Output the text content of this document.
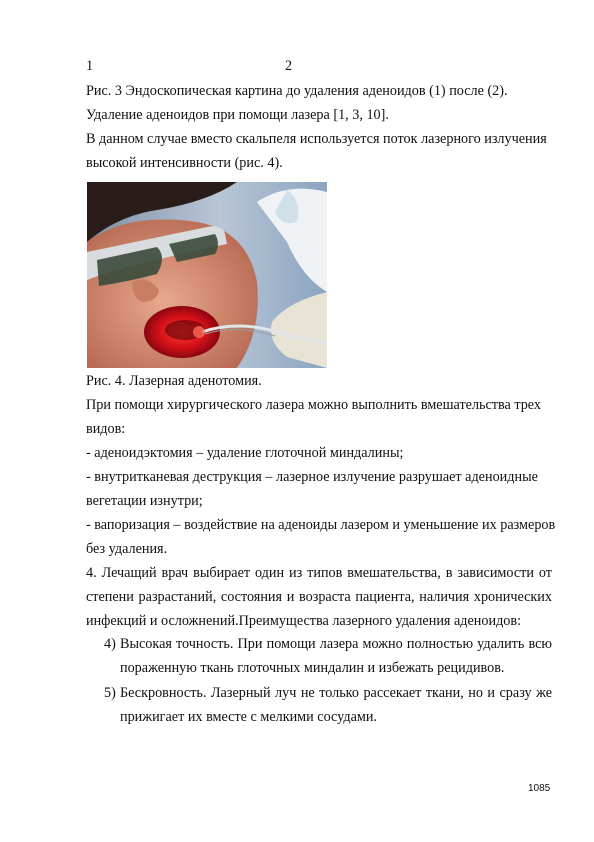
1	2
Рис. 3 Эндоскопическая картина до удаления аденоидов (1) после (2).
Удаление аденоидов при помощи лазера [1, 3, 10].
В данном случае вместо скальпеля используется поток лазерного излучения
высокой интенсивности (рис. 4).
Рис. 4. Лазерная аденотомия.
При помощи хирургического лазера можно выполнить вмешательства трех
видов:
- аденоидэктомия – удаление глоточной миндалины;
- внутритканевая деструкция – лазерное излучение разрушает аденоидные
вегетации изнутри;
- вапоризация – воздействие на аденоиды лазером и уменьшение их размеров
без удаления.
4. Лечащий врач выбирает один из типов вмешательства, в зависимости от
степени разрастаний, состояния и возраста пациента, наличия хронических
инфекций и осложнений.Преимущества лазерного удаления аденоидов:
4) Высокая точность. При помощи лазера можно полностью удалить всю
пораженную ткань глоточных миндалин и избежать рецидивов.
5) Бескровность. Лазерный луч не только рассекает ткани, но и сразу же
прижигает их вместе с мелкими сосудами.
1085
